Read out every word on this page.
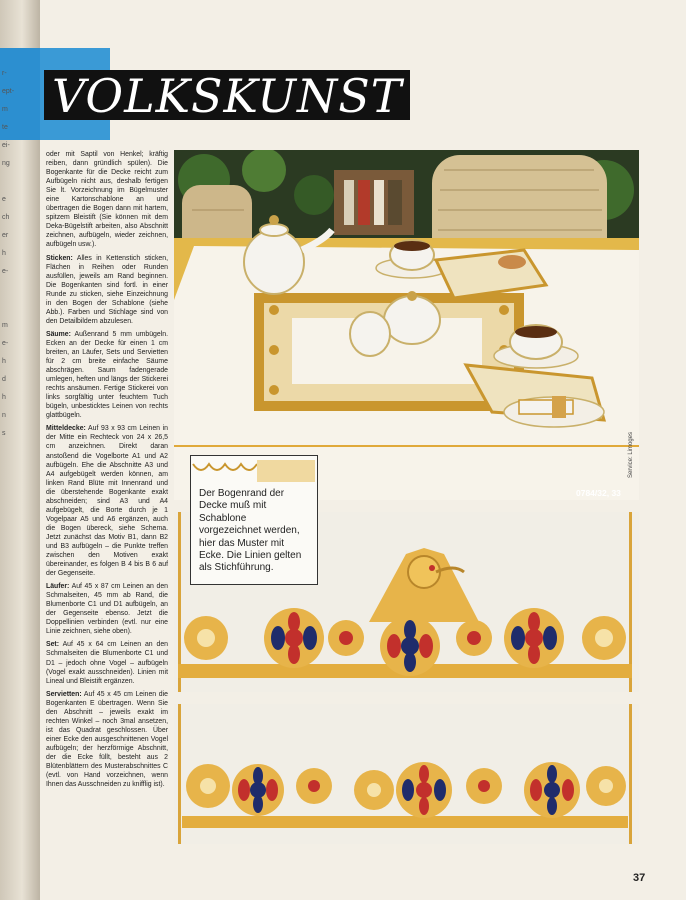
r-
ept-
m
te
ei-
ng
e
ch
er
h
e-
m
e-
h
d
h
n
s
VOLKSKUNST

oder mit Saptil von Henkel; kräftig reiben, dann gründlich spülen). Die Bogenkante für die Decke reicht zum Aufbügeln nicht aus, deshalb fertigen Sie lt. Vorzeichnung im Bügelmuster eine Kartonschablone an und übertragen die Bogen dann mit hartem, spitzem Bleistift (Sie können mit dem Deka-Bügelstift arbeiten, also Abschnitt zeichnen, aufbügeln, wieder zeichnen, aufbügeln usw.).

Sticken: Alles in Kettenstich sticken, Flächen in Reihen oder Runden ausfüllen, jeweils am Rand beginnen. Die Bogenkanten sind fortl. in einer Runde zu sticken, siehe Einzeichnung in den Bogen der Schablone (siehe Abb.). Farben und Stichlage sind von den Detailbildern abzulesen.

Säume: Außenrand 5 mm umbügeln. Ecken an der Decke für einen 1 cm breiten, an Läufer, Sets und Servietten für 2 cm breite einfache Säume abschrägen. Saum fadengerade umlegen, heften und längs der Stickerei rechts ansäumen. Fertige Stickerei von links sorgfältig unter feuchtem Tuch bügeln, unbesticktes Leinen von rechts glattbügeln.

Mitteldecke: Auf 93 x 93 cm Leinen in der Mitte ein Rechteck von 24 x 26,5 cm anzeichnen. Direkt daran anstoßend die Vogelborte A1 und A2 aufbügeln. Ehe die Abschnitte A3 und A4 aufgebügelt werden können, am linken Rand Blüte mit Innenrand und die überstehende Bogenkante exakt abschneiden; sind A3 und A4 aufgebügelt, die Borte durch je 1 Vogelpaar A5 und A6 ergänzen, auch die Bogen übereck, siehe Schema. Jetzt zunächst das Motiv B1, dann B2 und B3 aufbügeln – die Punkte treffen zwischen den Motiven exakt übereinander, es folgen B 4 bis B 6 auf der Gegenseite.

Läufer: Auf 45 x 87 cm Leinen an den Schmalseiten, 45 mm ab Rand, die Blumenborte C1 und D1 aufbügeln, an der Gegenseite ebenso. Jetzt die Doppellinien verbinden (evtl. nur eine Linie zeichnen, siehe oben).

Set: Auf 45 x 64 cm Leinen an den Schmalseiten die Blumenborte C1 und D1 – jedoch ohne Vogel – aufbügeln (Vogel exakt ausschneiden). Linien mit Lineal und Bleistift ergänzen.

Servietten: Auf 45 x 45 cm Leinen die Bogenkanten E übertragen. Wenn Sie den Abschnitt – jeweils exakt im rechten Winkel – noch 3mal ansetzen, ist das Quadrat geschlossen. Über einer Ecke den ausgeschnittenen Vogel aufbügeln; der herzförmige Abschnitt, der die Ecke füllt, besteht aus 2 Blütenblättern des Musterabschnittes C (evtl. von Hand vorzeichnen, wenn Ihnen das Ausschneiden zu knifflig ist).

Der Bogenrand der Decke muß mit Schablone vorgezeichnet werden, hier das Muster mit Ecke. Die Linien gelten als Stichführung.
0784/32, 33
Service: Limoges
37
